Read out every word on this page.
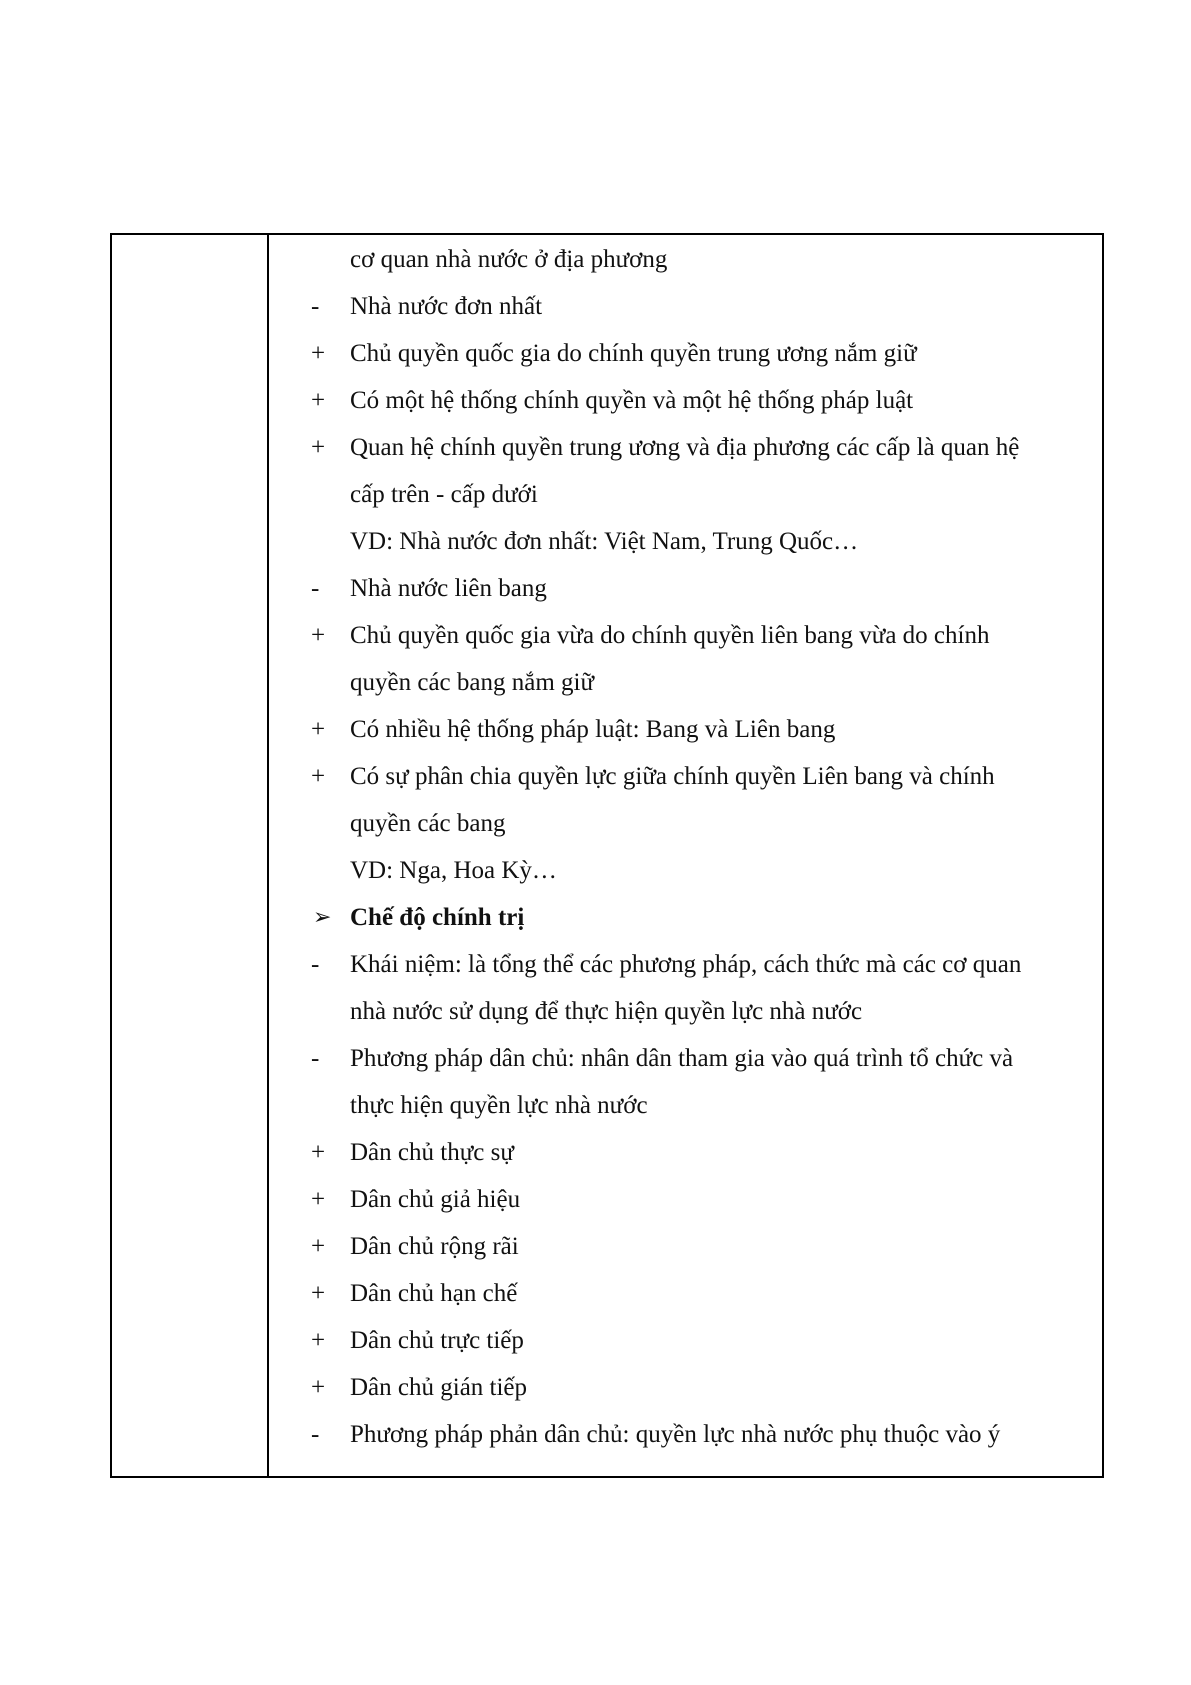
cơ quan nhà nước ở địa phương
-	Nhà nước đơn nhất
+ Chủ quyền quốc gia do chính quyền trung ương nắm giữ
+ Có một hệ thống chính quyền và một hệ thống pháp luật
+ Quan hệ chính quyền trung ương và địa phương các cấp là quan hệ
cấp trên - cấp dưới
VD: Nhà nước đơn nhất: Việt Nam, Trung Quốc…
-	Nhà nước liên bang
+ Chủ quyền quốc gia vừa do chính quyền liên bang vừa do chính
quyền các bang nắm giữ
+ Có nhiều hệ thống pháp luật: Bang và Liên bang
+ Có sự phân chia quyền lực giữa chính quyền Liên bang và chính
quyền các bang
VD: Nga, Hoa Kỳ…
➢ Chế độ chính trị
-	Khái niệm: là tổng thể các phương pháp, cách thức mà các cơ quan
nhà nước sử dụng để thực hiện quyền lực nhà nước
-	Phương pháp dân chủ: nhân dân tham gia vào quá trình tổ chức và
thực hiện quyền lực nhà nước
+ Dân chủ thực sự
+ Dân chủ giả hiệu
+ Dân chủ rộng rãi
+ Dân chủ hạn chế
+ Dân chủ trực tiếp
+ Dân chủ gián tiếp
-	Phương pháp phản dân chủ: quyền lực nhà nước phụ thuộc vào ý
